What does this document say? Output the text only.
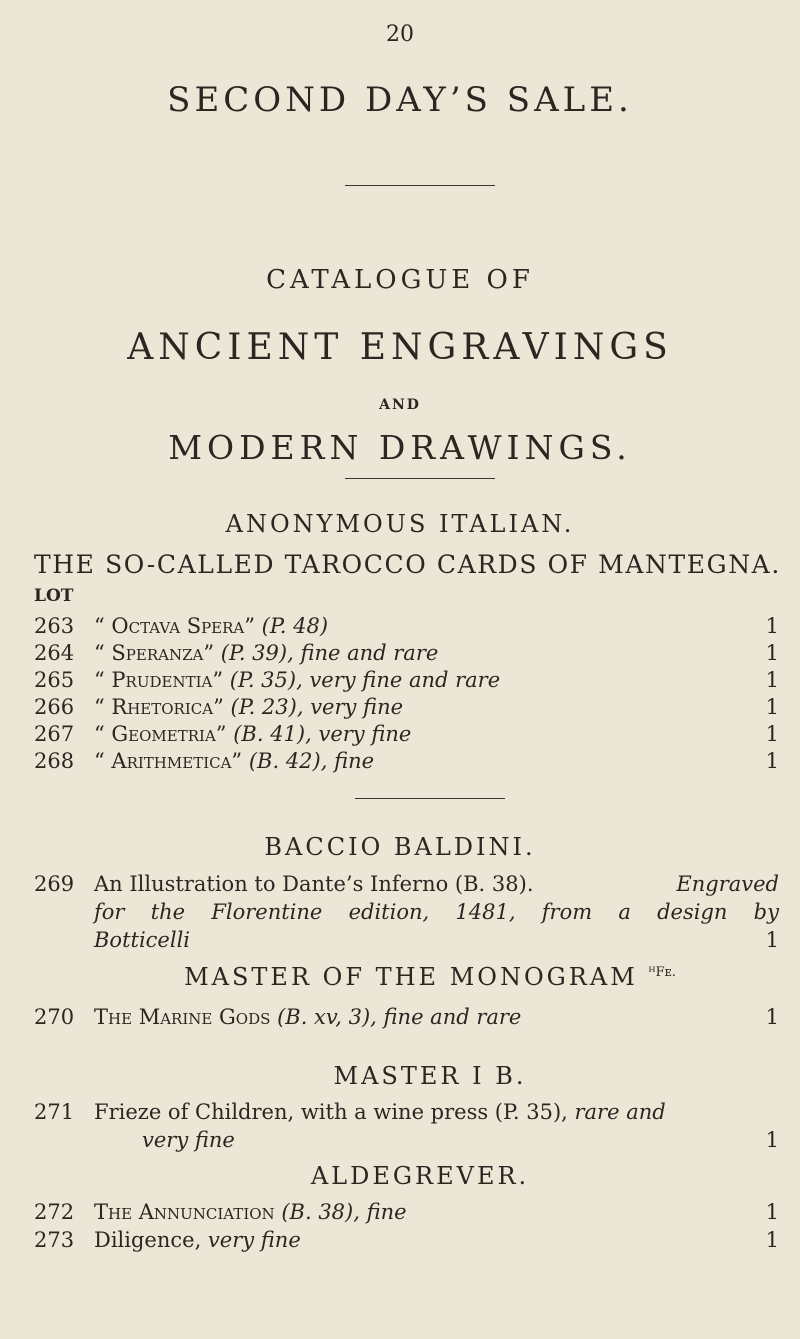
20
SECOND DAY’S SALE.
CATALOGUE OF
ANCIENT ENGRAVINGS
AND
MODERN DRAWINGS.
ANONYMOUS ITALIAN.
THE SO-CALLED TAROCCO CARDS OF MANTEGNA.
LOT
263 “ Octava Spera” (P. 48)	1
264 “ Speranza” (P. 39), fine and rare	1
265 “ Prudentia” (P. 35), very fine and rare	1
266 “ Rhetorica” (P. 23), very fine	1
267 “ Geometria” (B. 41), very fine	1
268 “ Arithmetica” (B. 42), fine	1
BACCIO BALDINI.
269 An Illustration to Dante’s Inferno (B. 38).	Engraved
for the Florentine edition, 1481, from a design by
Botticelli	1
MASTER OF THE MONOGRAM $^{ᴴFᴇ.}$
270 The Marine Gods (B. xv, 3), fine and rare	1
MASTER I B.
271 Frieze of Children, with a wine press (P. 35), rare and
very fine	1
ALDEGREVER.
272 The Annunciation (B. 38), fine	1
273 Diligence, very fine	1
